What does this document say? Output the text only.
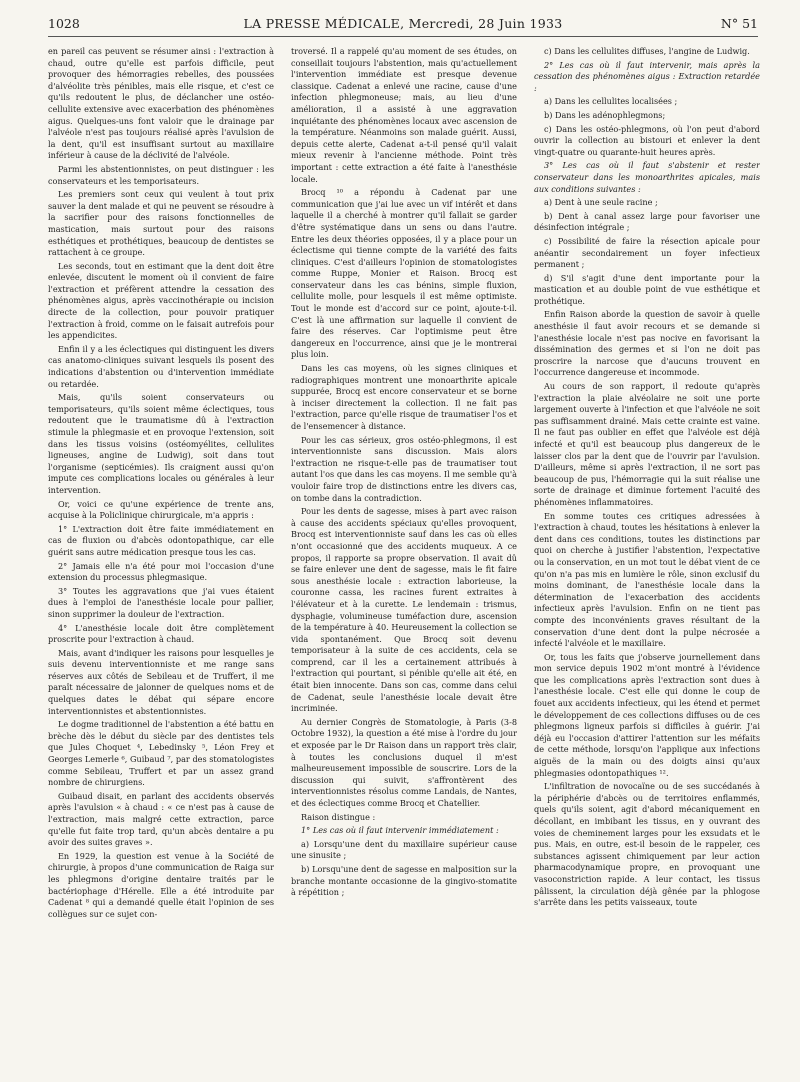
1028	LA PRESSE MÉDICALE, Mercredi, 28 Juin 1933	N° 51

en pareil cas peuvent se résumer ainsi : l'extraction à chaud, outre qu'elle est parfois difficile, peut provoquer des hémorragies rebelles, des poussées d'alvéolite très pénibles, mais elle risque, et c'est ce qu'ils redoutent le plus, de déclancher une ostéo-cellulite extensive avec exacerbation des phénomènes aigus. Quelques-uns font valoir que le drainage par l'alvéole n'est pas toujours réalisé après l'avulsion de la dent, qu'il est insuffisant surtout au maxillaire inférieur à cause de la déclivité de l'alvéole.

Parmi les abstentionnistes, on peut distinguer : les conservateurs et les temporisateurs.

Les premiers sont ceux qui veulent à tout prix sauver la dent malade et qui ne peuvent se résoudre à la sacrifier pour des raisons fonctionnelles de mastication, mais surtout pour des raisons esthétiques et prothétiques, beaucoup de dentistes se rattachent à ce groupe.

Les seconds, tout en estimant que la dent doit être enlevée, discutent le moment où il convient de faire l'extraction et préfèrent attendre la cessation des phénomènes aigus, après vaccinothérapie ou incision directe de la collection, pour pouvoir pratiquer l'extraction à froid, comme on le faisait autrefois pour les appendicites.

Enfin il y a les éclectiques qui distinguent les divers cas anatomo-cliniques suivant lesquels ils posent des indications d'abstention ou d'intervention immédiate ou retardée.

Mais, qu'ils soient conservateurs ou temporisateurs, qu'ils soient même éclectiques, tous redoutent que le traumatisme dû à l'extraction stimule la phlegmasie et en provoque l'extension, soit dans les tissus voisins (ostéomyélites, cellulites ligneuses, angine de Ludwig), soit dans tout l'organisme (septicémies). Ils craignent aussi qu'on impute ces complications locales ou générales à leur intervention.

Or, voici ce qu'une expérience de trente ans, acquise à la Policlinique chirurgicale, m'a appris :

1° L'extraction doit être faite immédiatement en cas de fluxion ou d'abcès odontopathique, car elle guérit sans autre médication presque tous les cas.

2° Jamais elle n'a été pour moi l'occasion d'une extension du processus phlegmasique.

3° Toutes les aggravations que j'ai vues étaient dues à l'emploi de l'anesthésie locale pour pallier, sinon supprimer la douleur de l'extraction.

4° L'anesthésie locale doit être complètement proscrite pour l'extraction à chaud.

Mais, avant d'indiquer les raisons pour lesquelles je suis devenu interventionniste et me range sans réserves aux côtés de Sebileau et de Truffert, il me paraît nécessaire de jalonner de quelques noms et de quelques dates le débat qui sépare encore interventionnistes et abstentionnistes.

Le dogme traditionnel de l'abstention a été battu en brèche dès le début du siècle par des dentistes tels que Jules Choquet ⁴, Lebedinsky ⁵, Léon Frey et Georges Lemerle ⁶, Guibaud ⁷, par des stomatologistes comme Sebileau, Truffert et par un assez grand nombre de chirurgiens.

Guibaud disait, en parlant des accidents observés après l'avulsion « à chaud : « ce n'est pas à cause de l'extraction, mais malgré cette extraction, parce qu'elle fut faite trop tard, qu'un abcès dentaire a pu avoir des suites graves ».

En 1929, la question est venue à la Société de chirurgie, à propos d'une communication de Raiga sur les phlegmons d'origine dentaire traités par le bactériophage d'Hérelle. Elle a été introduite par Cadenat ⁸ qui a demandé quelle était l'opinion de ses collègues sur ce sujet con-

troversé. Il a rappelé qu'au moment de ses études, on conseillait toujours l'abstention, mais qu'actuellement l'intervention immédiate est presque devenue classique. Cadenat a enlevé une racine, cause d'une infection phlegmoneuse; mais, au lieu d'une amélioration, il a assisté à une aggravation inquiétante des phénomènes locaux avec ascension de la température. Néanmoins son malade guérit. Aussi, depuis cette alerte, Cadenat a-t-il pensé qu'il valait mieux revenir à l'ancienne méthode. Point très important : cette extraction a été faite à l'anesthésie locale.

Brocq ¹⁰ a répondu à Cadenat par une communication que j'ai lue avec un vif intérêt et dans laquelle il a cherché à montrer qu'il fallait se garder d'être systématique dans un sens ou dans l'autre. Entre les deux théories opposées, il y a place pour un éclectisme qui tienne compte de la variété des faits cliniques. C'est d'ailleurs l'opinion de stomatologistes comme Ruppe, Monier et Raison. Brocq est conservateur dans les cas bénins, simple fluxion, cellulite molle, pour lesquels il est même optimiste. Tout le monde est d'accord sur ce point, ajoute-t-il. C'est là une affirmation sur laquelle il convient de faire des réserves. Car l'optimisme peut être dangereux en l'occurrence, ainsi que je le montrerai plus loin.

Dans les cas moyens, où les signes cliniques et radiographiques montrent une monoarthrite apicale suppurée, Brocq est encore conservateur et se borne à inciser directement la collection. Il ne fait pas l'extraction, parce qu'elle risque de traumatiser l'os et de l'ensemencer à distance.

Pour les cas sérieux, gros ostéo-phlegmons, il est interventionniste sans discussion. Mais alors l'extraction ne risque-t-elle pas de traumatiser tout autant l'os que dans les cas moyens. Il me semble qu'à vouloir faire trop de distinctions entre les divers cas, on tombe dans la contradiction.

Pour les dents de sagesse, mises à part avec raison à cause des accidents spéciaux qu'elles provoquent, Brocq est interventionniste sauf dans les cas où elles n'ont occasionné que des accidents muqueux. A ce propos, il rapporte sa propre observation. Il avait dû se faire enlever une dent de sagesse, mais le fit faire sous anesthésie locale : extraction laborieuse, la couronne cassa, les racines furent extraites à l'élévateur et à la curette. Le lendemain : trismus, dysphagie, volumineuse tuméfaction dure, ascension de la température à 40. Heureusement la collection se vida spontanément. Que Brocq soit devenu temporisateur à la suite de ces accidents, cela se comprend, car il les a certainement attribués à l'extraction qui pourtant, si pénible qu'elle ait été, en était bien innocente. Dans son cas, comme dans celui de Cadenat, seule l'anesthésie locale devait être incriminée.

Au dernier Congrès de Stomatologie, à Paris (3-8 Octobre 1932), la question a été mise à l'ordre du jour et exposée par le Dr Raison dans un rapport très clair, à toutes les conclusions duquel il m'est malheureusement impossible de souscrire. Lors de la discussion qui suivit, s'affrontèrent des interventionnistes résolus comme Landais, de Nantes, et des éclectiques comme Brocq et Chatellier.

Raison distingue :

1° Les cas où il faut intervenir immédiatement :

a) Lorsqu'une dent du maxillaire supérieur cause une sinusite ;

b) Lorsqu'une dent de sagesse en malposition sur la branche montante occasionne de la gingivo-stomatite à répétition ;

c) Dans les cellulites diffuses, l'angine de Ludwig.

2° Les cas où il faut intervenir, mais après la cessation des phénomènes aigus : Extraction retardée :

a) Dans les cellulites localisées ;

b) Dans les adénophlegmons;

c) Dans les ostéo-phlegmons, où l'on peut d'abord ouvrir la collection au bistouri et enlever la dent vingt-quatre ou quarante-huit heures après.

3° Les cas où il faut s'abstenir et rester conservateur dans les monoarthrites apicales, mais aux conditions suivantes :

a) Dent à une seule racine ;

b) Dent à canal assez large pour favoriser une désinfection intégrale ;

c) Possibilité de faire la résection apicale pour anéantir secondairement un foyer infectieux permanent ;

d) S'il s'agit d'une dent importante pour la mastication et au double point de vue esthétique et prothétique.

Enfin Raison aborde la question de savoir à quelle anesthésie il faut avoir recours et se demande si l'anesthésie locale n'est pas nocive en favorisant la dissémination des germes et si l'on ne doit pas proscrire la narcose que d'aucuns trouvent en l'occurrence dangereuse et incommode.

Au cours de son rapport, il redoute qu'après l'extraction la plaie alvéolaire ne soit une porte largement ouverte à l'infection et que l'alvéole ne soit pas suffisamment drainé. Mais cette crainte est vaine. Il ne faut pas oublier en effet que l'alvéole est déjà infecté et qu'il est beaucoup plus dangereux de le laisser clos par la dent que de l'ouvrir par l'avulsion. D'ailleurs, même si après l'extraction, il ne sort pas beaucoup de pus, l'hémorragie qui la suit réalise une sorte de drainage et diminue fortement l'acuité des phénomènes inflammatoires.

En somme toutes ces critiques adressées à l'extraction à chaud, toutes les hésitations à enlever la dent dans ces conditions, toutes les distinctions par quoi on cherche à justifier l'abstention, l'expectative ou la conservation, en un mot tout le débat vient de ce qu'on n'a pas mis en lumière le rôle, sinon exclusif du moins dominant, de l'anesthésie locale dans la détermination de l'exacerbation des accidents infectieux après l'avulsion. Enfin on ne tient pas compte des inconvénients graves résultant de la conservation d'une dent dont la pulpe nécrosée a infecté l'alvéole et le maxillaire.

Or, tous les faits que j'observe journellement dans mon service depuis 1902 m'ont montré à l'évidence que les complications après l'extraction sont dues à l'anesthésie locale. C'est elle qui donne le coup de fouet aux accidents infectieux, qui les étend et permet le développement de ces collections diffuses ou de ces phlegmons ligneux parfois si difficiles à guérir. J'ai déjà eu l'occasion d'attirer l'attention sur les méfaits de cette méthode, lorsqu'on l'applique aux infections aiguës de la main ou des doigts ainsi qu'aux phlegmasies odontopathiques ¹².

L'infiltration de novocaïne ou de ses succédanés à la périphérie d'abcès ou de territoires enflammés, quels qu'ils soient, agit d'abord mécaniquement en décollant, en imbibant les tissus, en y ouvrant des voies de cheminement larges pour les exsudats et le pus. Mais, en outre, est-il besoin de le rappeler, ces substances agissent chimiquement par leur action pharmacodynamique propre, en provoquant une vasoconstriction rapide. A leur contact, les tissus pâlissent, la circulation déjà gênée par la phlogose s'arrête dans les petits vaisseaux, toute
